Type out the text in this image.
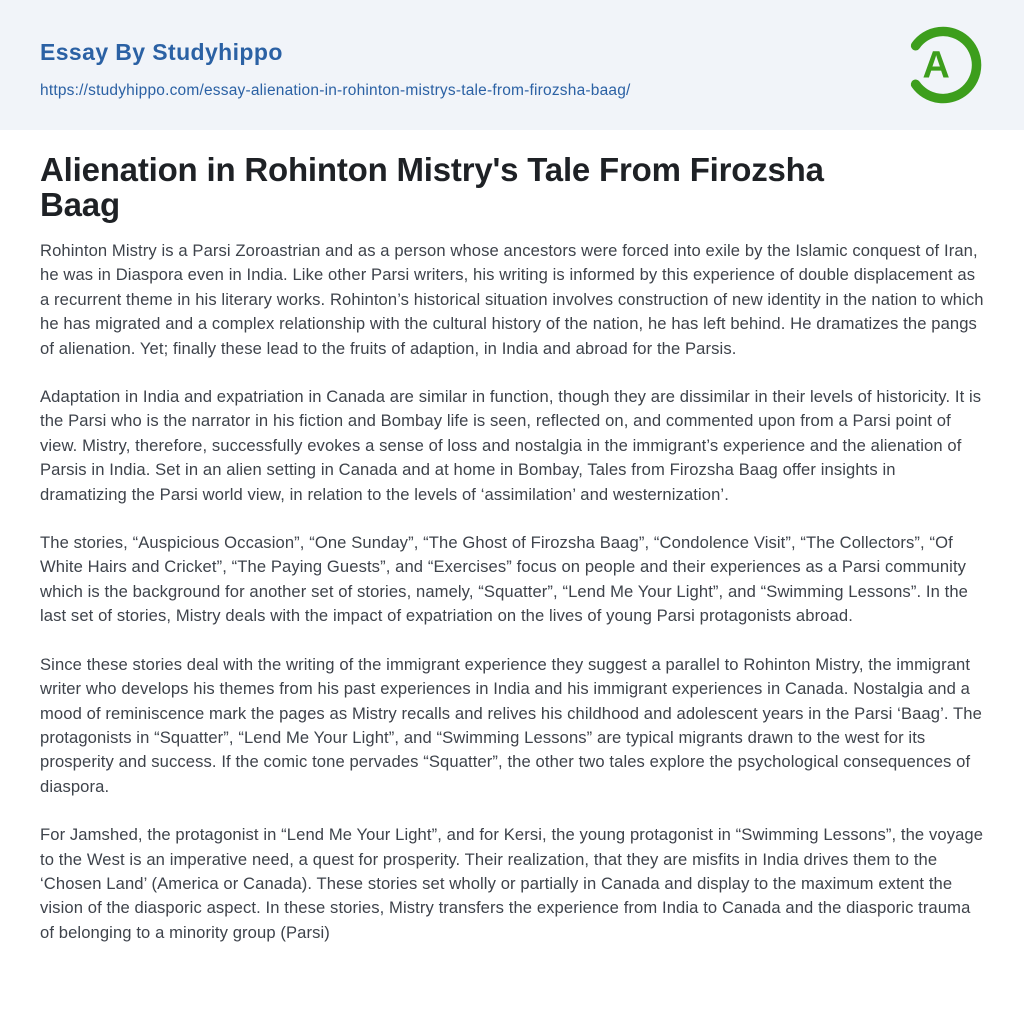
Essay By Studyhippo
https://studyhippo.com/essay-alienation-in-rohinton-mistrys-tale-from-firozsha-baag/
A
Alienation in Rohinton Mistry's Tale From Firozsha Baag

Rohinton Mistry is a Parsi Zoroastrian and as a person whose ancestors were forced into exile by the Islamic conquest of Iran, he was in Diaspora even in India. Like other Parsi writers, his writing is informed by this experience of double displacement as a recurrent theme in his literary works. Rohinton’s historical situation involves construction of new identity in the nation to which he has migrated and a complex relationship with the cultural history of the nation, he has left behind. He dramatizes the pangs of alienation. Yet; finally these lead to the fruits of adaption, in India and abroad for the Parsis.

Adaptation in India and expatriation in Canada are similar in function, though they are dissimilar in their levels of historicity. It is the Parsi who is the narrator in his fiction and Bombay life is seen, reflected on, and commented upon from a Parsi point of view. Mistry, therefore, successfully evokes a sense of loss and nostalgia in the immigrant’s experience and the alienation of Parsis in India. Set in an alien setting in Canada and at home in Bombay, Tales from Firozsha Baag offer insights in dramatizing the Parsi world view, in relation to the levels of ‘assimilation’ and westernization’.

The stories, “Auspicious Occasion”, “One Sunday”, “The Ghost of Firozsha Baag”, “Condolence Visit”, “The Collectors”, “Of White Hairs and Cricket”, “The Paying Guests”, and “Exercises” focus on people and their experiences as a Parsi community which is the background for another set of stories, namely, “Squatter”, “Lend Me Your Light”, and “Swimming Lessons”. In the last set of stories, Mistry deals with the impact of expatriation on the lives of young Parsi protagonists abroad.

Since these stories deal with the writing of the immigrant experience they suggest a parallel to Rohinton Mistry, the immigrant writer who develops his themes from his past experiences in India and his immigrant experiences in Canada. Nostalgia and a mood of reminiscence mark the pages as Mistry recalls and relives his childhood and adolescent years in the Parsi ‘Baag’. The protagonists in “Squatter”, “Lend Me Your Light”, and “Swimming Lessons” are typical migrants drawn to the west for its prosperity and success. If the comic tone pervades “Squatter”, the other two tales explore the psychological consequences of diaspora.

For Jamshed, the protagonist in “Lend Me Your Light”, and for Kersi, the young protagonist in “Swimming Lessons”, the voyage to the West is an imperative need, a quest for prosperity. Their realization, that they are misfits in India drives them to the ‘Chosen Land’ (America or Canada). These stories set wholly or partially in Canada and display to the maximum extent the vision of the diasporic aspect. In these stories, Mistry transfers the experience from India to Canada and the diasporic trauma of belonging to a minority group (Parsi)
